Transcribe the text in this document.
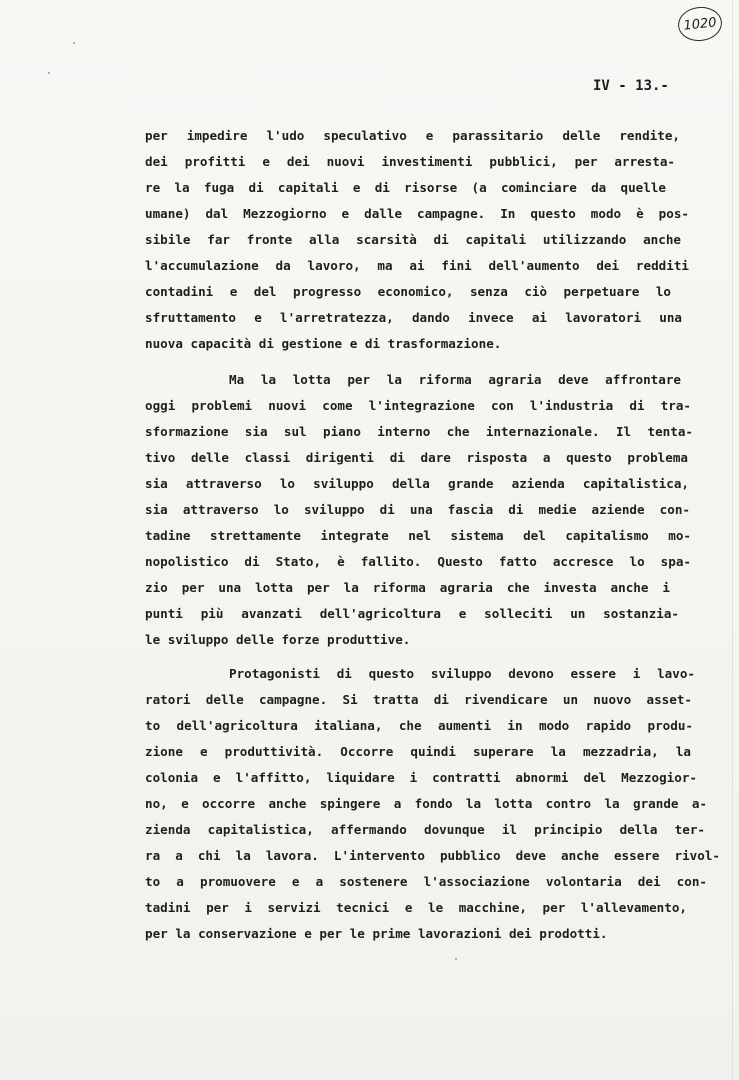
1020
IV - 13.-
per impedire l'udo speculativo e parassitario delle rendite,
dei profitti e dei nuovi investimenti pubblici, per arresta-
re la fuga di capitali e di risorse (a cominciare da quelle
umane) dal Mezzogiorno e dalle campagne. In questo modo è pos-
sibile far fronte alla scarsità di capitali utilizzando anche
l'accumulazione da lavoro, ma ai fini dell'aumento dei redditi
contadini e del progresso economico, senza ciò perpetuare lo
sfruttamento e l'arretratezza, dando invece ai lavoratori una
nuova capacità di gestione e di trasformazione.
Ma la lotta per la riforma agraria deve affrontare
oggi problemi nuovi come l'integrazione con l'industria di tra-
sformazione sia sul piano interno che internazionale. Il tenta-
tivo delle classi dirigenti di dare risposta a questo problema
sia attraverso lo sviluppo della grande azienda capitalistica,
sia attraverso lo sviluppo di una fascia di medie aziende con-
tadine strettamente integrate nel sistema del capitalismo mo-
nopolistico di Stato, è fallito. Questo fatto accresce lo spa-
zio per una lotta per la riforma agraria che investa anche i
punti più avanzati dell'agricoltura e solleciti un sostanzia-
le sviluppo delle forze produttive.
Protagonisti di questo sviluppo devono essere i lavo-
ratori delle campagne. Si tratta di rivendicare un nuovo asset-
to dell'agricoltura italiana, che aumenti in modo rapido produ-
zione e produttività. Occorre quindi superare la mezzadria, la
colonia e l'affitto, liquidare i contratti abnormi del Mezzogior-
no, e occorre anche spingere a fondo la lotta contro la grande a-
zienda capitalistica, affermando dovunque il principio della ter-
ra a chi la lavora. L'intervento pubblico deve anche essere rivol-
to a promuovere e a sostenere l'associazione volontaria dei con-
tadini per i servizi tecnici e le macchine, per l'allevamento,
per la conservazione e per le prime lavorazioni dei prodotti.
